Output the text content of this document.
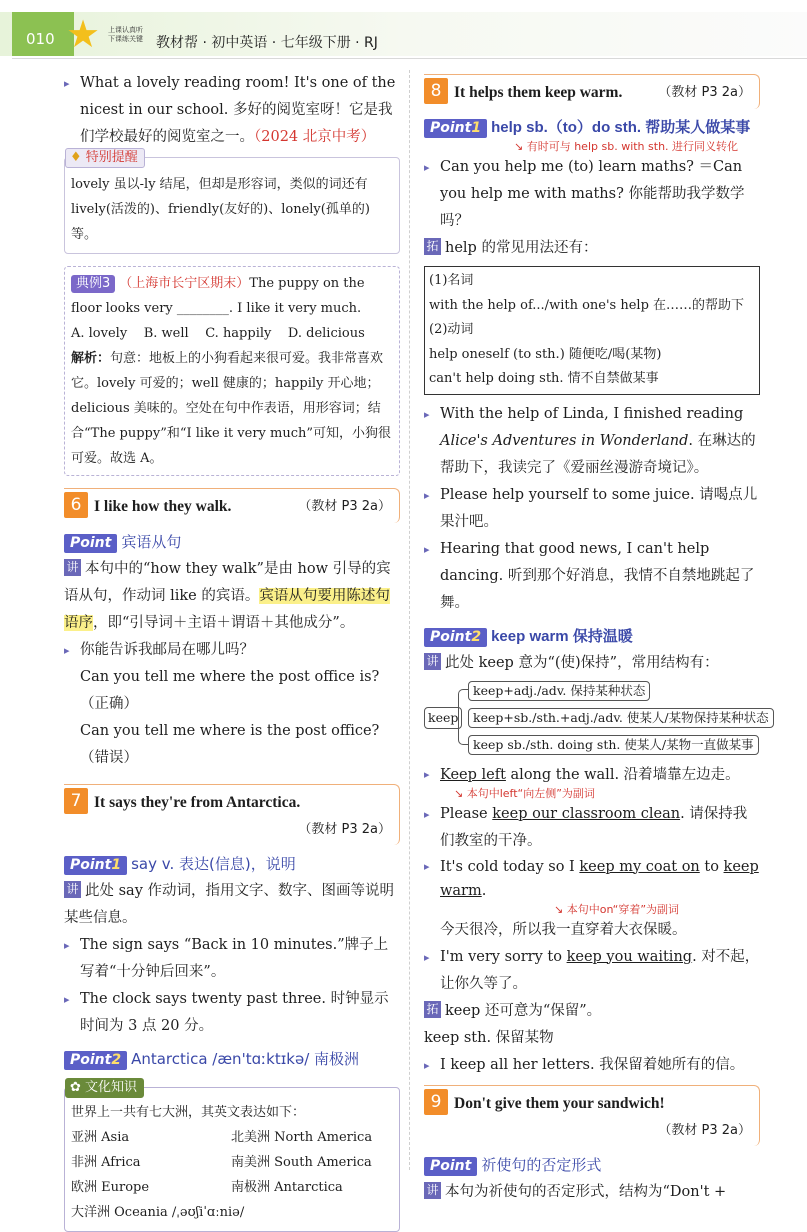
010 ★ 上课认真听 下课练关键 教材帮 · 初中英语 · 七年级下册 · RJ
▸ What a lovely reading room! It's one of the nicest in our school. 多好的阅览室呀！它是我们学校最好的阅览室之一。（2024 北京中考）
♦ 特别提醒
lovely 虽以-ly 结尾，但却是形容词，类似的词还有 lively(活泼的)、friendly(友好的)、lonely(孤单的)等。
典例3 （上海市长宁区期末）The puppy on the floor looks very ________. I like it very much.
A. lovely    B. well    C. happily    D. delicious
解析：句意：地板上的小狗看起来很可爱。我非常喜欢它。lovely 可爱的；well 健康的；happily 开心地；delicious 美味的。空处在句中作表语，用形容词；结合“The puppy”和“I like it very much”可知，小狗很可爱。故选 A。
6 I like how they walk.	（教材 P3 2a）
Point 宾语从句
讲 本句中的“how they walk”是由 how 引导的宾语从句，作动词 like 的宾语。宾语从句要用陈述句语序，即“引导词＋主语＋谓语＋其他成分”。
▸ 你能告诉我邮局在哪儿吗？
Can you tell me where the post office is?（正确）
Can you tell me where is the post office?（错误）
7 It says they're from Antarctica.
（教材 P3 2a）
Point1 say v. 表达(信息)，说明
讲 此处 say 作动词，指用文字、数字、图画等说明某些信息。
▸ The sign says “Back in 10 minutes.”牌子上写着“十分钟后回来”。
▸ The clock says twenty past three. 时钟显示时间为 3 点 20 分。
Point2 Antarctica /æn'tɑːktɪkə/ 南极洲
✿ 文化知识
世界上一共有七大洲，其英文表达如下：
亚洲 Asia	北美洲 North America
非洲 Africa	南美洲 South America
欧洲 Europe	南极洲 Antarctica
大洋洲 Oceania /ˌəʊʃiˈɑːniə/
8 It helps them keep warm.	（教材 P3 2a）
Point1 help sb.（to）do sth. 帮助某人做某事
↘ 有时可与 help sb. with sth. 进行同义转化
▸ Can you help me (to) learn maths? ＝Can you help me with maths? 你能帮助我学数学吗？
拓 help 的常见用法还有：
(1)名词
with the help of.../with one's help 在……的帮助下
(2)动词
help oneself (to sth.) 随便吃/喝(某物)
can't help doing sth. 情不自禁做某事
▸ With the help of Linda, I finished reading Alice's Adventures in Wonderland. 在琳达的帮助下，我读完了《爱丽丝漫游奇境记》。
▸ Please help yourself to some juice. 请喝点儿果汁吧。
▸ Hearing that good news, I can't help dancing. 听到那个好消息，我情不自禁地跳起了舞。
Point2 keep warm 保持温暖
讲 此处 keep 意为“(使)保持”，常用结构有：
keep
keep+adj./adv. 保持某种状态
keep+sb./sth.+adj./adv. 使某人/某物保持某种状态
keep sb./sth. doing sth. 使某人/某物一直做某事
▸ Keep left along the wall. 沿着墙靠左边走。
↘ 本句中left“向左侧”为副词
▸ Please keep our classroom clean. 请保持我们教室的干净。
▸ It's cold today so I keep my coat on to keep warm.
↘ 本句中on“穿着”为副词
今天很冷，所以我一直穿着大衣保暖。
▸ I'm very sorry to keep you waiting. 对不起，让你久等了。
拓 keep 还可意为“保留”。
keep sth. 保留某物
▸ I keep all her letters. 我保留着她所有的信。
9 Don't give them your sandwich!
（教材 P3 2a）
Point 祈使句的否定形式
讲 本句为祈使句的否定形式，结构为“Don't +
